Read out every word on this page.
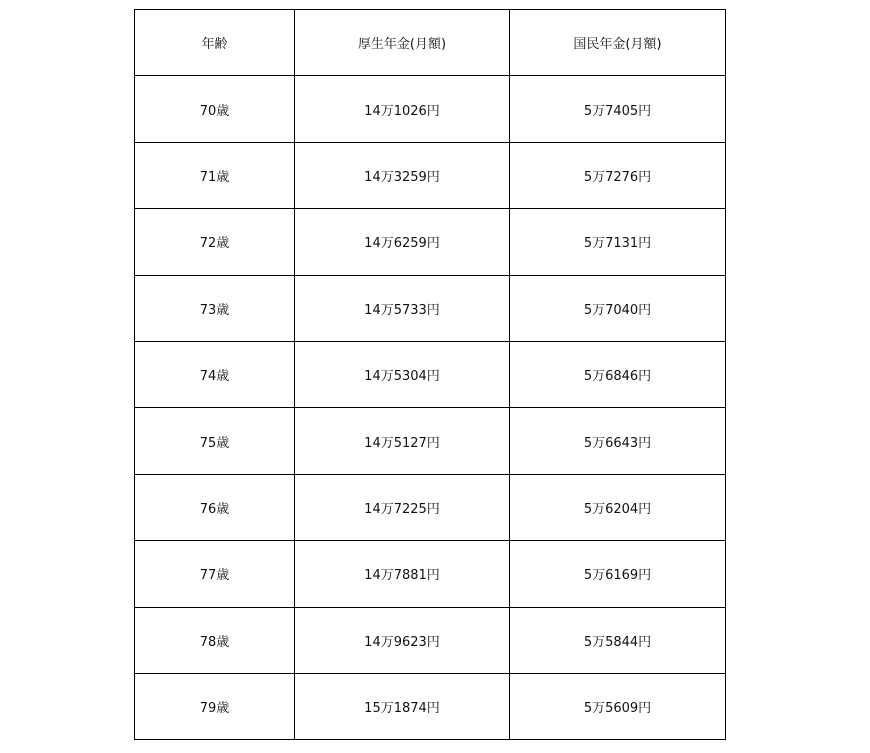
年齢	厚生年金(月額)	国民年金(月額)
70歳	14万1026円	5万7405円
71歳	14万3259円	5万7276円
72歳	14万6259円	5万7131円
73歳	14万5733円	5万7040円
74歳	14万5304円	5万6846円
75歳	14万5127円	5万6643円
76歳	14万7225円	5万6204円
77歳	14万7881円	5万6169円
78歳	14万9623円	5万5844円
79歳	15万1874円	5万5609円
